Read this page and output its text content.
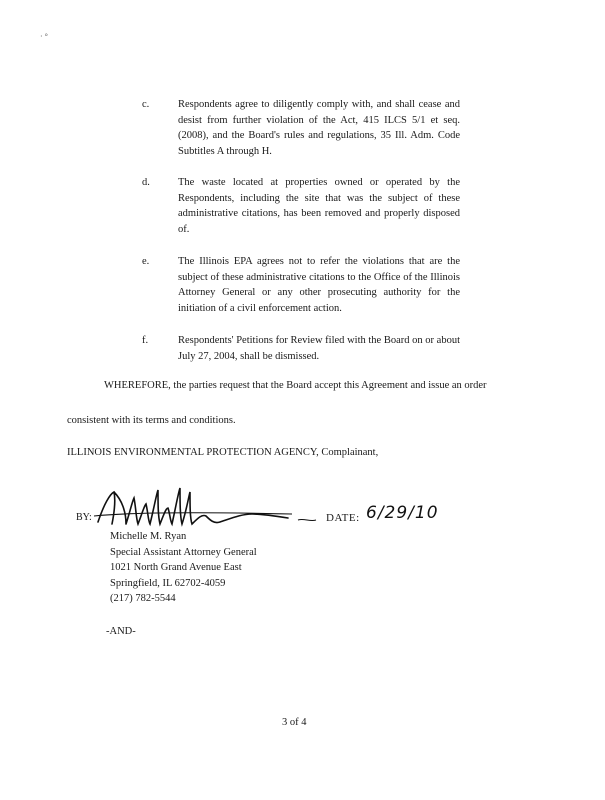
· °
c.	Respondents agree to diligently comply with, and shall cease and desist from further violation of the Act, 415 ILCS 5/1 et seq. (2008), and the Board's rules and regulations, 35 Ill. Adm. Code Subtitles A through H.
d.	The waste located at properties owned or operated by the Respondents, including the site that was the subject of these administrative citations, has been removed and properly disposed of.
e.	The Illinois EPA agrees not to refer the violations that are the subject of these administrative citations to the Office of the Illinois Attorney General or any other prosecuting authority for the initiation of a civil enforcement action.
f.	Respondents' Petitions for Review filed with the Board on or about July 27, 2004, shall be dismissed.
WHEREFORE, the parties request that the Board accept this Agreement and issue an order
consistent with its terms and conditions.
ILLINOIS ENVIRONMENTAL PROTECTION AGENCY, Complainant,
BY:	DATE: 6/29/10
Michelle M. Ryan
Special Assistant Attorney General
1021 North Grand Avenue East
Springfield, IL 62702-4059
(217) 782-5544
-AND-
3 of 4
